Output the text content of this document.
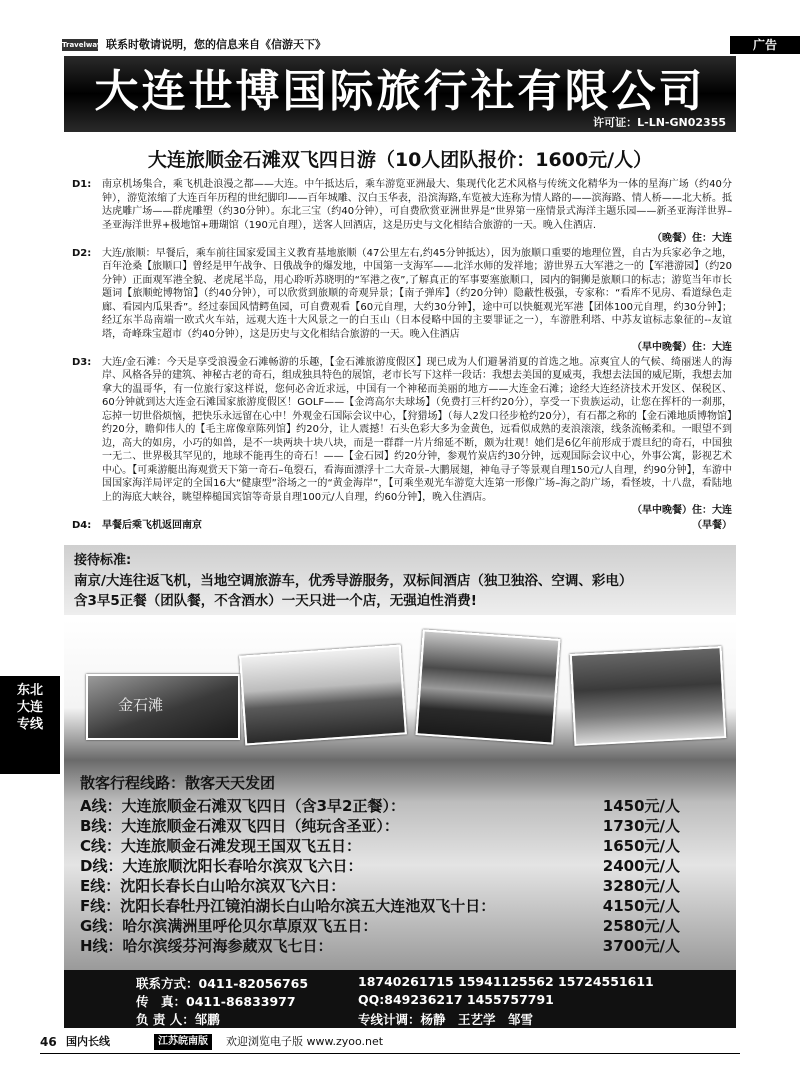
Travelways 联系时敬请说明，您的信息来自《信游天下》	广告
大连世博国际旅行社有限公司
许可证：L-LN-GN02355
大连旅顺金石滩双飞四日游（10人团队报价：1600元/人）
D1: 南京机场集合，乘飞机赴浪漫之都——大连。中午抵达后，乘车游览亚洲最大、集现代化艺术风格与传统文化精华为一体的星海广场（约40分钟），游览浓缩了大连百年历程的世纪脚印——百年城雕、汉白玉华表，沿滨海路,车览被大连称为情人路的——滨海路、情人桥——北大桥。抵达虎雕广场——群虎雕塑（约30分钟）。东北三宝（约40分钟），可自费欣赏亚洲世界是“世界第一座情景式海洋主题乐园——新圣亚海洋世界–圣亚海洋世界+极地馆+珊瑚馆（190元自理），送客人回酒店，这是历史与文化相结合旅游的一天。晚入住酒店.
（晚餐）住：大连
D2: 大连/旅顺：早餐后，乘车前往国家爱国主义教育基地旅顺（47公里左右,约45分钟抵达），因为旅顺口重要的地理位置，自古为兵家必争之地，百年沧桑【旅顺口】曾经是甲午战争、日俄战争的爆发地，中国第一支海军——北洋水师的发祥地；游世界五大军港之一的【军港游园】（约20分钟）正面观军港全貌、老虎尾半岛，用心聆听苏晓明的“军港之夜”,了解真正的军事要塞旅顺口，园内的铜狮是旅顺口的标志；游览当年市长题词【旅顺蛇博物馆】（约40分钟），可以欣赏到旅顺的奇观异景；【南子弹库】（约20分钟）隐蔽性极强，专家称：“看库不见房、看道绿色走廊、看园内瓜果香”。经过泰国风情鳄鱼园，可自费观看【60元自理，大约30分钟】，途中可以快艇观光军港【团体100元自理，约30分钟】；经辽东半岛南端一欧式火车站，远观大连十大风景之一的白玉山（日本侵略中国的主要罪证之一），车游胜利塔、中苏友谊标志象征的--友谊塔，奇峰珠宝超市（约40分钟），这是历史与文化相结合旅游的一天。晚入住酒店
（早中晚餐）住：大连
D3: 大连/金石滩：今天是享受浪漫金石滩畅游的乐趣，【金石滩旅游度假区】现已成为人们避暑消夏的首选之地。凉爽宜人的气候、绮丽迷人的海岸、风格各异的建筑、神秘古老的奇石，组成独具特色的展馆，老市长写下这样一段话：我想去美国的夏威夷，我想去法国的威尼斯，我想去加拿大的温哥华，有一位旅行家这样说，您何必舍近求远，中国有一个神秘而美丽的地方——大连金石滩；途经大连经济技术开发区、保税区、60分钟就到达大连金石滩国家旅游度假区！GOLF——【金湾高尔夫球场】（免费打三杆约20分），享受一下贵族运动，让您在挥杆的一刹那，忘掉一切世俗烦恼，把快乐永远留在心中！外观金石国际会议中心，【狩猎场】（每人2发口径步枪约20分），有石都之称的【金石滩地质博物馆】约20分，瞻仰伟人的【毛主席像章陈列馆】约20分，让人震撼！石头色彩大多为金黄色，远看似成熟的麦浪滚滚，线条流畅柔和。一眼望不到边，高大的如房，小巧的如兽，是不一块两块十块八块，而是一群群一片片绵延不断，颇为壮观！她们是6亿年前形成于震旦纪的奇石，中国独一无二、世界极其罕见的，地球不能再生的奇石！——【金石园】约20分钟，参观竹炭店约30分钟，远观国际会议中心，外事公寓，影视艺术中心。【可乘游艇出海观赏天下第一奇石–龟裂石，看海面漂浮十二大奇景–大鹏展翅，神龟寻子等景观自理150元/人自理，约90分钟】，车游中国国家海洋局评定的全国16大“健康型”浴场之一的“黄金海岸”，【可乘坐观光车游览大连第一形像广场–海之韵广场，看怪坡，十八盘，看陆地上的海底大峡谷，眺望棒槌国宾馆等奇景自理100元/人自理，约60分钟】，晚入住酒店。
（早中晚餐）住：大连
D4: 早餐后乘飞机返回南京	（早餐）
接待标准:
南京/大连往返飞机，当地空调旅游车，优秀导游服务，双标间酒店（独卫独浴、空调、彩电）
含3早5正餐（团队餐，不含酒水）一天只进一个店，无强迫性消费!
金石滩
东北大连专线
散客行程线路：散客天天发团
A线：大连旅顺金石滩双飞四日（含3早2正餐）：	1450元/人
B线：大连旅顺金石滩双飞四日（纯玩含圣亚）：	1730元/人
C线：大连旅顺金石滩发现王国双飞五日：	1650元/人
D线：大连旅顺沈阳长春哈尔滨双飞六日：	2400元/人
E线：沈阳长春长白山哈尔滨双飞六日：	3280元/人
F线：沈阳长春牡丹江镜泊湖长白山哈尔滨五大连池双飞十日：	4150元/人
G线：哈尔滨满洲里呼伦贝尔草原双飞五日：	2580元/人
H线：哈尔滨绥芬河海参葳双飞七日：	3700元/人
联系方式：0411-82056765
传　真：0411-86833977
负 责 人：邹鹏
18740261715 15941125562 15724551611
QQ:849236217 1455757791
专线计调：杨静　王艺学　邹雪
46 国内长线	江苏皖南版	欢迎浏览电子版 www.zyoo.net
